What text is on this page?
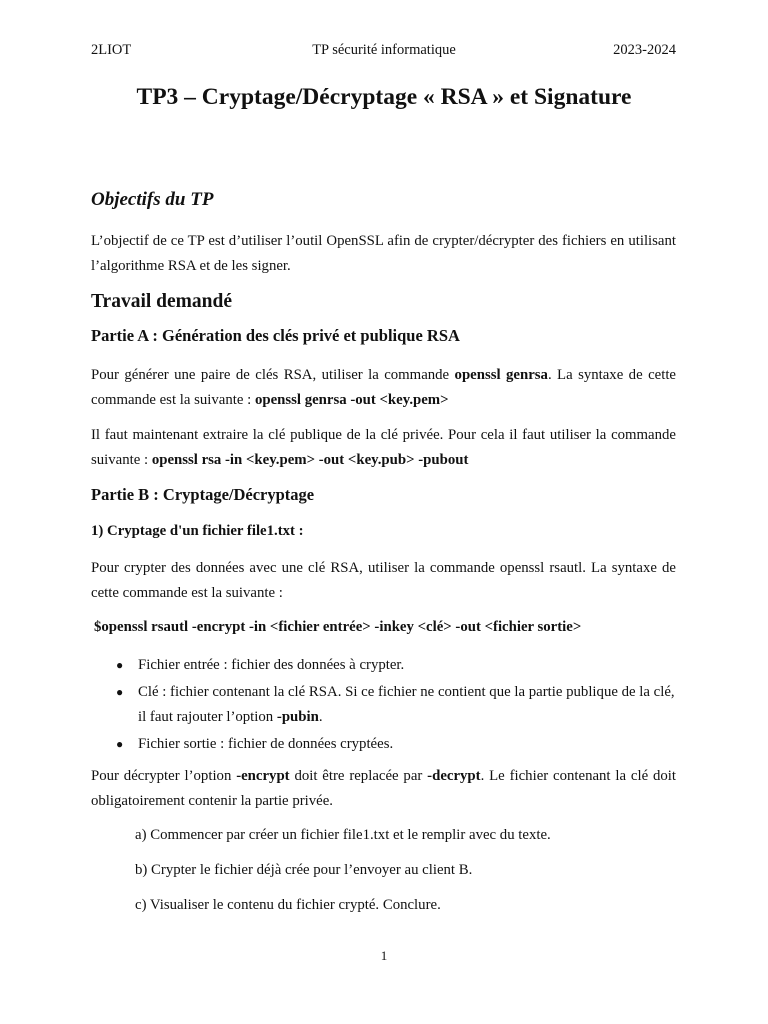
2LIOT	TP sécurité informatique	2023-2024
TP3 – Cryptage/Décryptage « RSA » et Signature
Objectifs du TP
L’objectif de ce TP est d’utiliser l’outil OpenSSL afin de crypter/décrypter des fichiers en utilisant l’algorithme RSA et de les signer.
Travail demandé
Partie A : Génération des clés privé et publique RSA
Pour générer une paire de clés RSA, utiliser la commande openssl genrsa. La syntaxe de cette commande est la suivante : openssl genrsa -out <key.pem>
Il faut maintenant extraire la clé publique de la clé privée. Pour cela il faut utiliser la commande suivante : openssl rsa -in <key.pem> -out <key.pub> -pubout
Partie B : Cryptage/Décryptage
1) Cryptage d'un fichier file1.txt :
Pour crypter des données avec une clé RSA, utiliser la commande openssl rsautl. La syntaxe de cette commande est la suivante :
$openssl rsautl -encrypt -in <fichier entrée> -inkey <clé> -out <fichier sortie>
● Fichier entrée : fichier des données à crypter.
● Clé : fichier contenant la clé RSA. Si ce fichier ne contient que la partie publique de la clé, il faut rajouter l’option -pubin.
● Fichier sortie : fichier de données cryptées.
Pour décrypter l’option -encrypt doit être replacée par -decrypt. Le fichier contenant la clé doit obligatoirement contenir la partie privée.
a) Commencer par créer un fichier file1.txt et le remplir avec du texte.
b) Crypter le fichier déjà crée pour l’envoyer au client B.
c) Visualiser le contenu du fichier crypté. Conclure.
1
